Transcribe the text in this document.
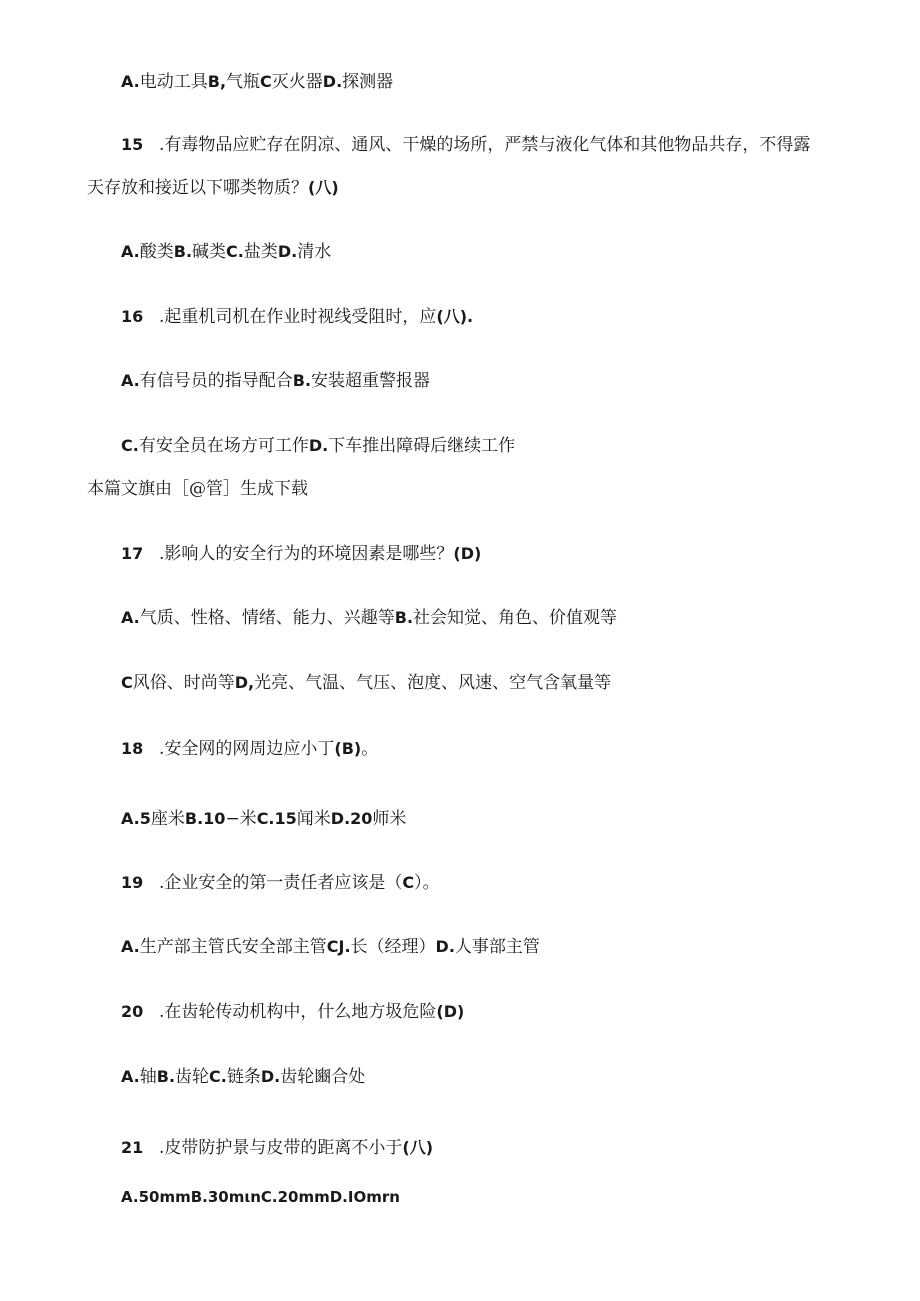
A.电动工具B,气瓶C灭火器D.探测器
15 .有毒物品应贮存在阴凉、通风、干燥的场所，严禁与液化气体和其他物品共存，不得露
天存放和接近以下哪类物质？(八)
A.酸类B.碱类C.盐类D.清水
16 .起重机司机在作业时视线受阻时，应(八).
A.有信号员的指导配合B.安装超重警报器
C.有安全员在场方可工作D.下车推出障碍后继续工作
本篇文旗由［@管］生成下载
17 .影响人的安全行为的环境因素是哪些？(D)
A.气质、性格、情绪、能力、兴趣等B.社会知觉、角色、价值观等
C风俗、时尚等D,光亮、气温、气压、泡度、风速、空气含氧量等
18 .安全网的网周边应小丁(B)。
A.5座米B.10−米C.15闻米D.20师米
19 .企业安全的第一责任者应该是（C）。
A.生产部主管氏安全部主管CJ.长（经理）D.人事部主管
20 .在齿轮传动机构中，什么地方圾危险(D)
A.轴B.齿轮C.链条D.齿轮豳合处
21 .皮带防护景与皮带的距离不小于(八)
A.50mmB.30mιnC.20mmD.IOmrn
